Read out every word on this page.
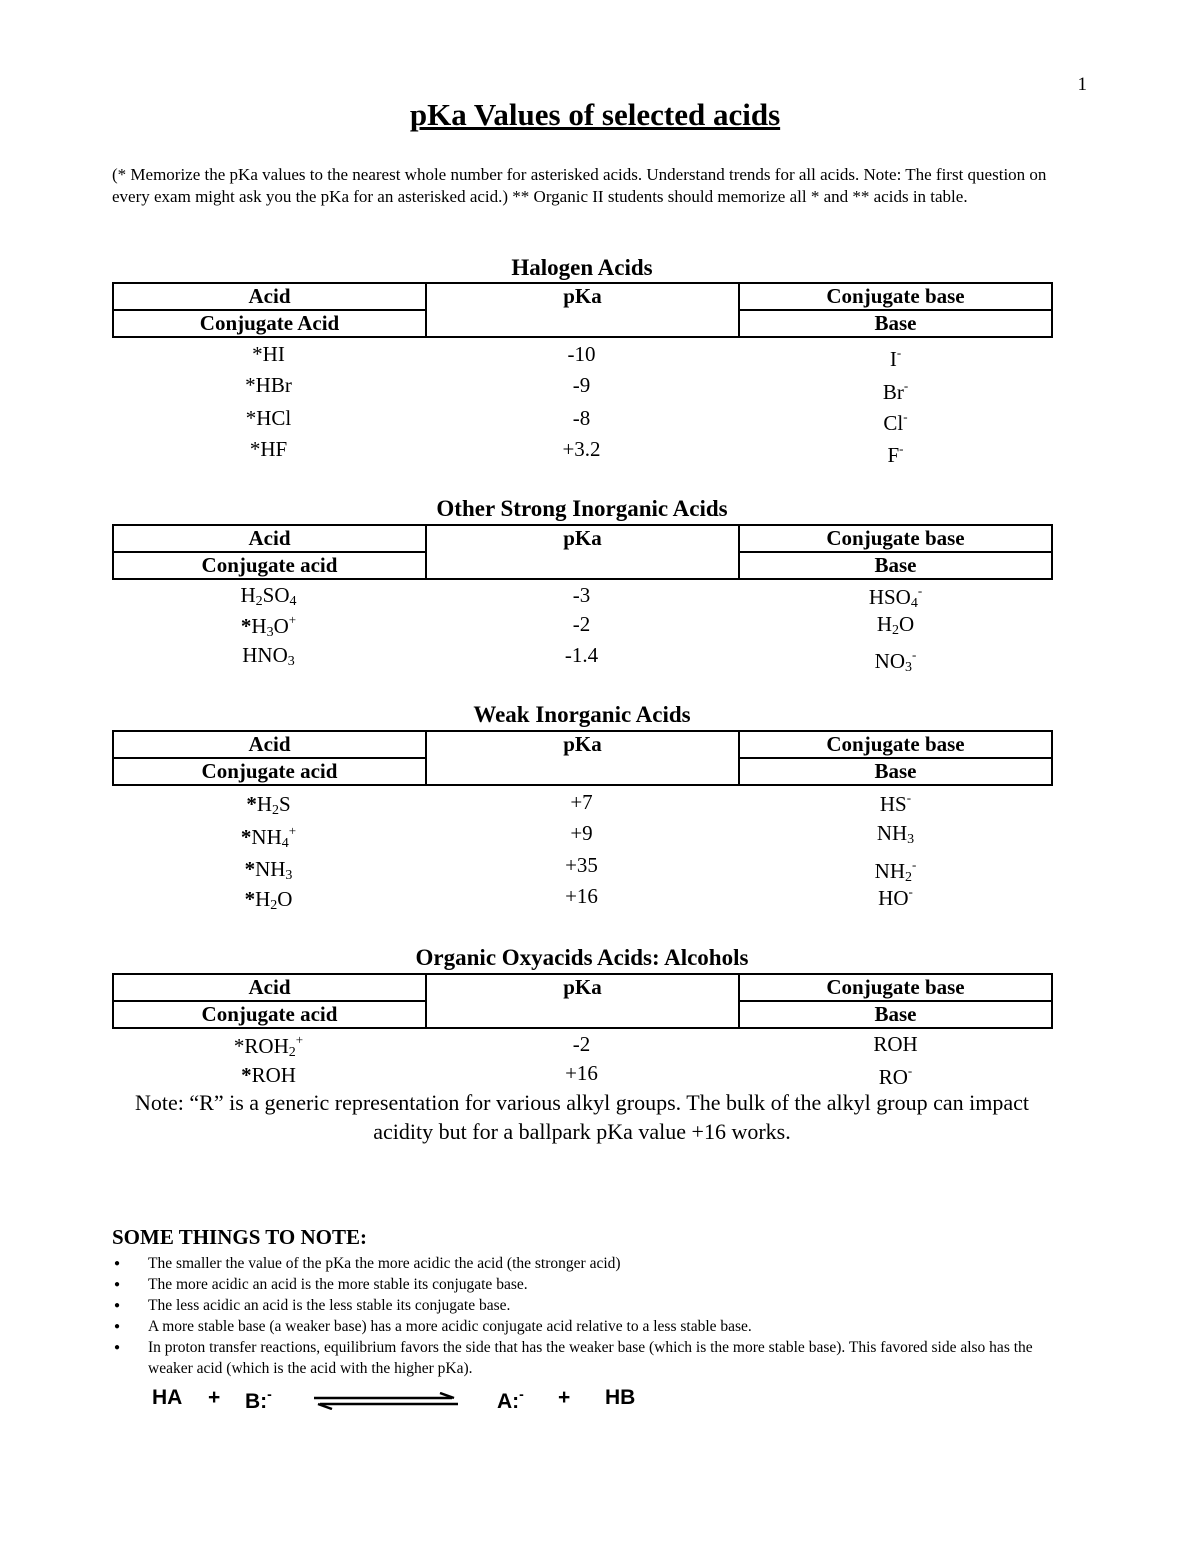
1
pKa Values of selected acids
(* Memorize the pKa values to the nearest whole number for asterisked acids. Understand trends for all acids. Note: The first question on every exam might ask you the pKa for an asterisked acid.) ** Organic II students should memorize all * and ** acids in table.
Halogen Acids
Acid	pKa	Conjugate base
Conjugate Acid		Base
*HI	-10	I-
*HBr	-9	Br-
*HCl	-8	Cl-
*HF	+3.2	F-
Other Strong Inorganic Acids
Acid	pKa	Conjugate base
Conjugate acid		Base
$H_2SO_4$	-3	$HSO_4^-$
$*H_3O^+$	-2	$H_2O$
$HNO_3$	-1.4	$NO_3^-$
Weak Inorganic Acids
Acid	pKa	Conjugate base
Conjugate acid		Base
$*H_2S$	+7	HS-
$*NH_4^+$	+9	$NH_3$
$*NH_3$	+35	$NH_2^-$
$*H_2O$	+16	HO-
Organic Oxyacids Acids: Alcohols
Acid	pKa	Conjugate base
Conjugate acid		Base
$*ROH_2^+$	-2	ROH
*ROH	+16	RO-
Note: “R” is a generic representation for various alkyl groups. The bulk of the alkyl group can impact acidity but for a ballpark pKa value +16 works.
SOME THINGS TO NOTE:
● The smaller the value of the pKa the more acidic the acid (the stronger acid)
● The more acidic an acid is the more stable its conjugate base.
● The less acidic an acid is the less stable its conjugate base.
● A more stable base (a weaker base) has a more acidic conjugate acid relative to a less stable base.
● In proton transfer reactions, equilibrium favors the side that has the weaker base (which is the more stable base). This favored side also has the weaker acid (which is the acid with the higher pKa).
HA + B:-	A:- + HB
